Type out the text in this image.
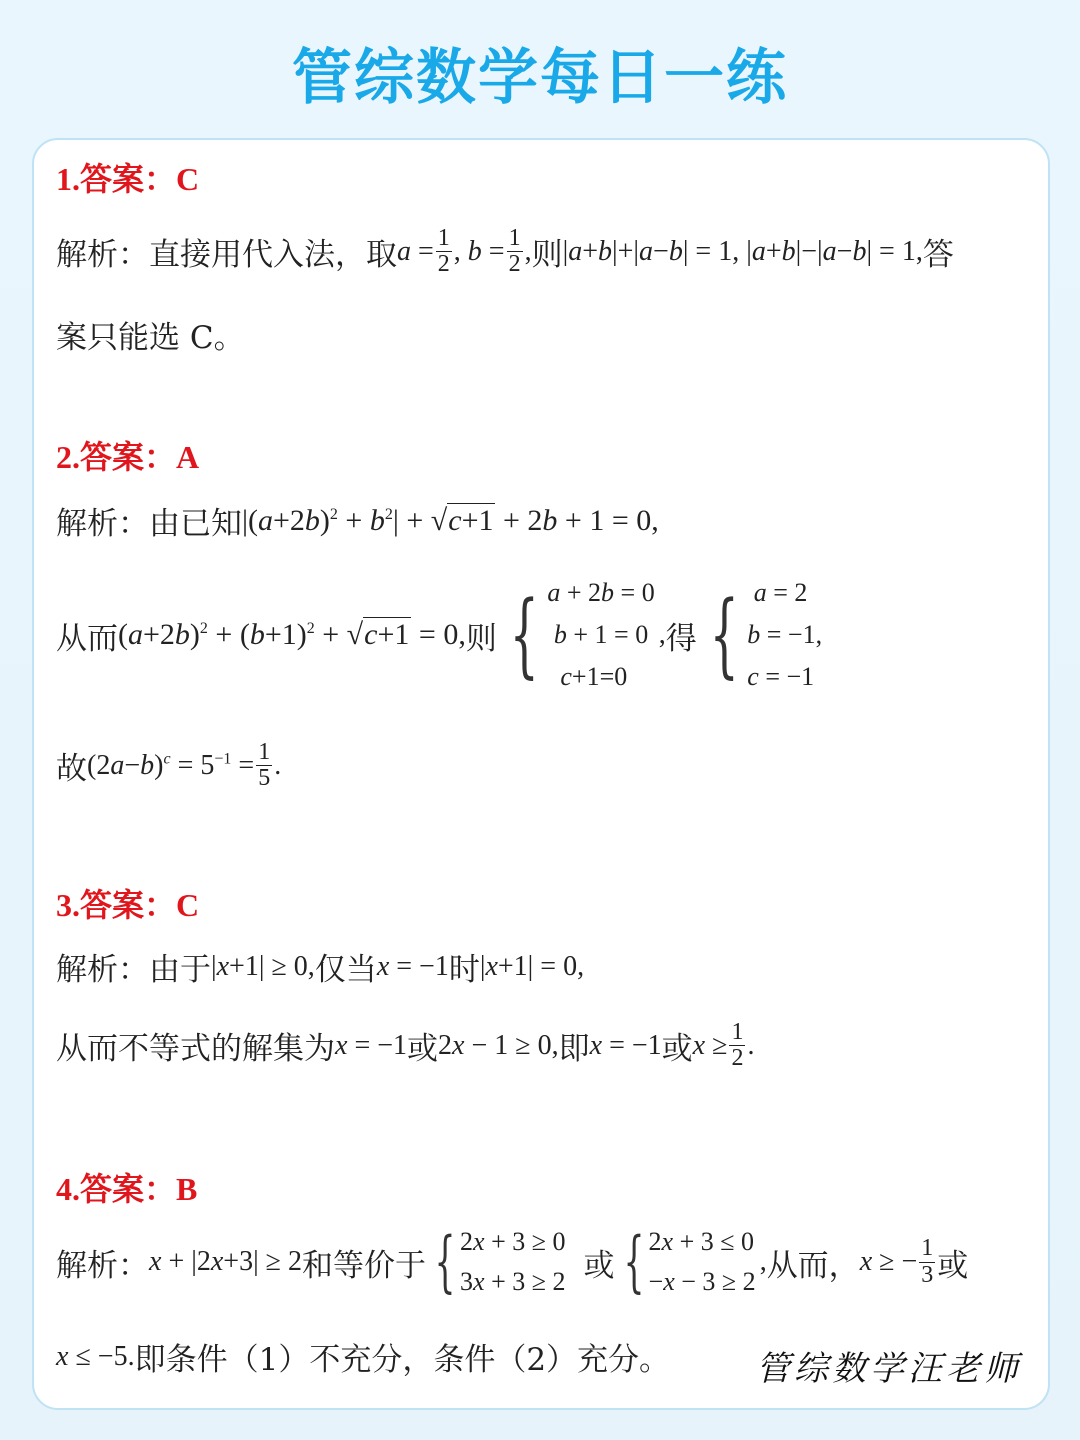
管综数学每日一练

1.答案：C

解析：直接用代入法，取 $a = \frac{1}{2}$ , $b = \frac{1}{2}$ , 则 |a+b|+|a−b| = 1, |a+b|−|a−b| = 1, 答
案只能选 C。

2.答案：A

解析：由已知 $|(a+2b)^2 + b^2| + √c+1 + 2b + 1 = 0$,
从而 $(a+2b)^2 + (b+1)^2 + √c+1 = 0$, 则 { a + 2b = 0
b + 1 = 0
c+1=0
, 得 { a = 2
b = −1,
c = −1
故 $(2a-b)^c = 5^{-1} = \frac{1}{5}$ .

3.答案：C

解析：由于 |x+1| ≥ 0, 仅当 x = −1 时 |x+1| = 0,
从而不等式的解集为 x = −1 或 2x − 1 ≥ 0, 即 x = −1 或 $x \ge \frac{1}{2}$ .

4.答案：B

解析： x + |2x+3| ≥ 2 和等价于 { 2x + 3 ≥ 0
3x + 3 ≥ 2 或 { 2x + 3 ≤ 0
−x − 3 ≥ 2
, 从而， x ≥ − $\frac{1}{3}$ 或
x ≤ −5. 即条件（1）不充分，条件（2）充分。	管综数学汪老师
